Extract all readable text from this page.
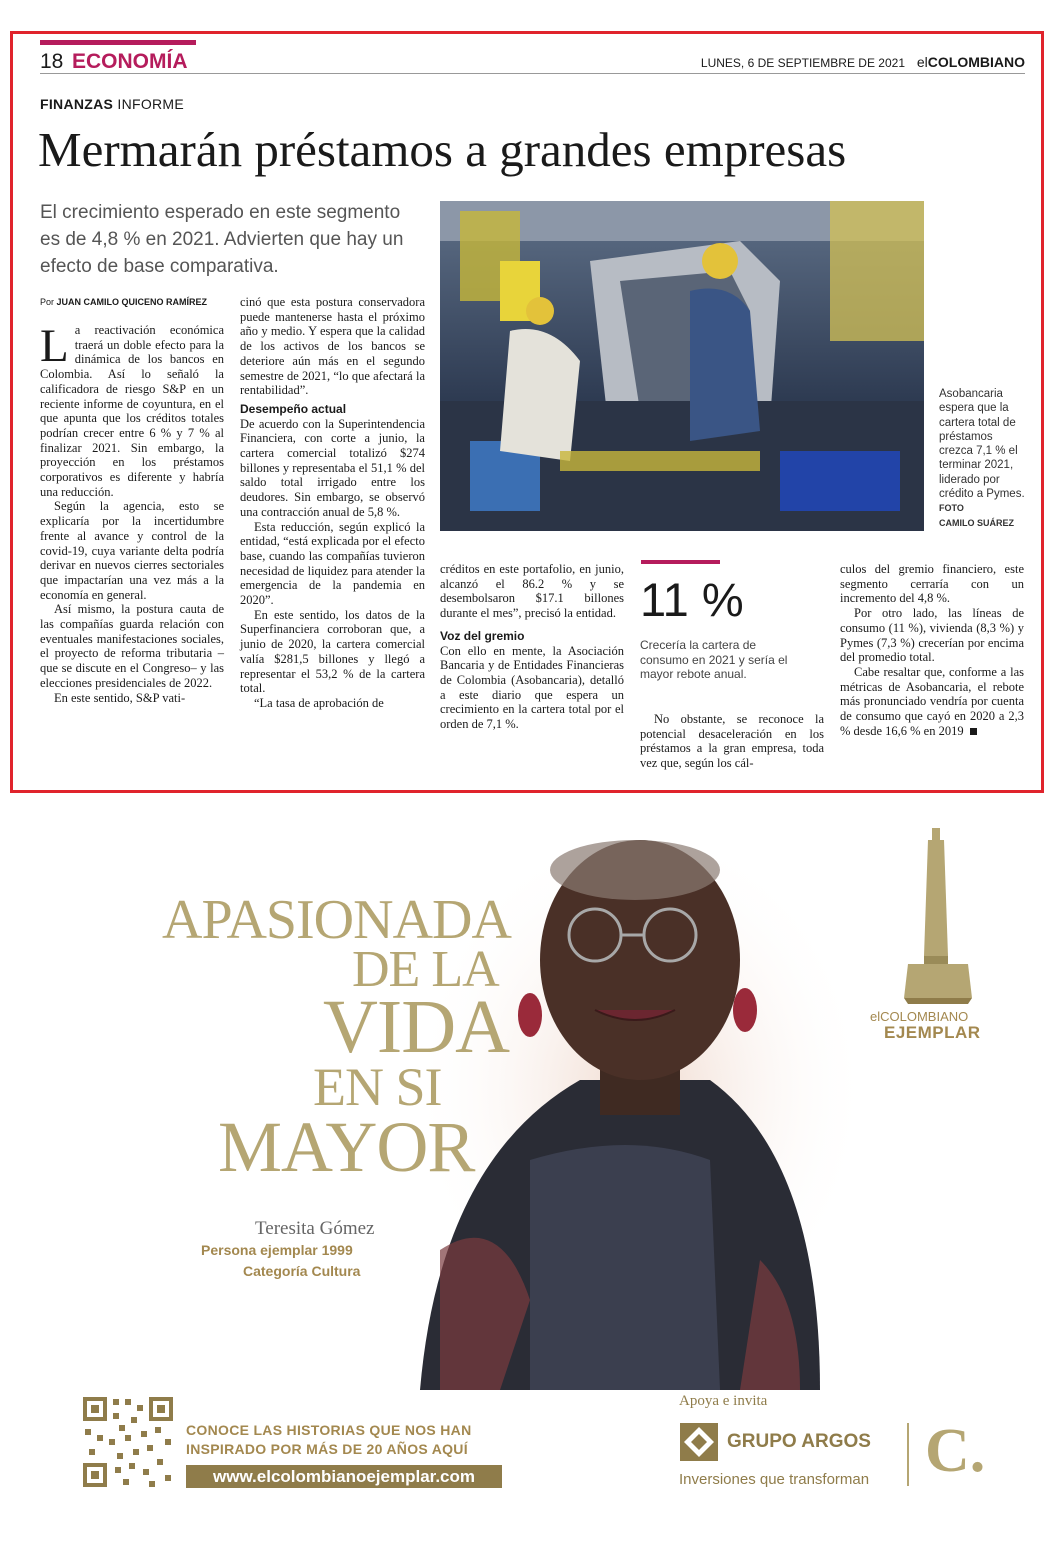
18 ECONOMÍA	LUNES, 6 DE SEPTIEMBRE DE 2021 elCOLOMBIANO
FINANZAS INFORME
Mermarán préstamos a grandes empresas
El crecimiento esperado en este segmento es de 4,8 % en 2021. Advierten que hay un efecto de base comparativa.
Por JUAN CAMILO QUICENO RAMÍREZ

La reactivación económica traerá un doble efecto para la dinámica de los bancos en Colombia. Así lo señaló la calificadora de riesgo S&P en un reciente informe de coyuntura, en el que apunta que los créditos totales podrían crecer entre 6 % y 7 % al finalizar 2021. Sin embargo, la proyección en los préstamos corporativos es diferente y habría una reducción.

Según la agencia, esto se explicaría por la incertidumbre frente al avance y control de la covid-19, cuya variante delta podría derivar en nuevos cierres sectoriales que impactarían una vez más a la economía en general.

Así mismo, la postura cauta de las compañías guarda relación con eventuales manifestaciones sociales, el proyecto de reforma tributaria –que se discute en el Congreso– y las elecciones presidenciales de 2022.

En este sentido, S&P vati-

cinó que esta postura conservadora puede mantenerse hasta el próximo año y medio. Y espera que la calidad de los activos de los bancos se deteriore aún más en el segundo semestre de 2021, “lo que afectará la rentabilidad”.

Desempeño actual

De acuerdo con la Superintendencia Financiera, con corte a junio, la cartera comercial totalizó $274 billones y representaba el 51,1 % del saldo total irrigado entre los deudores. Sin embargo, se observó una contracción anual de 5,8 %.

Esta reducción, según explicó la entidad, “está explicada por el efecto base, cuando las compañías tuvieron necesidad de liquidez para atender la emergencia de la pandemia en 2020”.

En este sentido, los datos de la Superfinanciera corroboran que, a junio de 2020, la cartera comercial valía $281,5 billones y llegó a representar el 53,2 % de la cartera total.

“La tasa de aprobación de

Asobancaria espera que la cartera total de préstamos crezca 7,1 % el terminar 2021, liderado por crédito a Pymes. FOTO
CAMILO SUÁREZ

créditos en este portafolio, en junio, alcanzó el 86.2 % y se desembolsaron $17.1 billones durante el mes”, precisó la entidad.

Voz del gremio

Con ello en mente, la Asociación Bancaria y de Entidades Financieras de Colombia (Asobancaria), detalló a este diario que espera un crecimiento en la cartera total por el orden de 7,1 %.

11 %
Crecería la cartera de consumo en 2021 y sería el mayor rebote anual.

No obstante, se reconoce la potencial desaceleración en los préstamos a la gran empresa, toda vez que, según los cál-

culos del gremio financiero, este segmento cerraría con un incremento del 4,8 %.

Por otro lado, las líneas de consumo (11 %), vivienda (8,3 %) y Pymes (7,3 %) crecerían por encima del promedio total.

Cabe resaltar que, conforme a las métricas de Asobancaria, el rebote más pronunciado vendría por cuenta de consumo que cayó en 2020 a 2,3 % desde 16,6 % en 2019

APASIONADA
DE LA
VIDA
EN SI
MAYOR
Teresita Gómez
Persona ejemplar 1999
Categoría Cultura
elCOLOMBIANO
EJEMPLAR
CONOCE LAS HISTORIAS QUE NOS HAN
INSPIRADO POR MÁS DE 20 AÑOS AQUÍ
www.elcolombianoejemplar.com
Apoya e invita
GRUPO ARGOS
Inversiones que transforman C.
